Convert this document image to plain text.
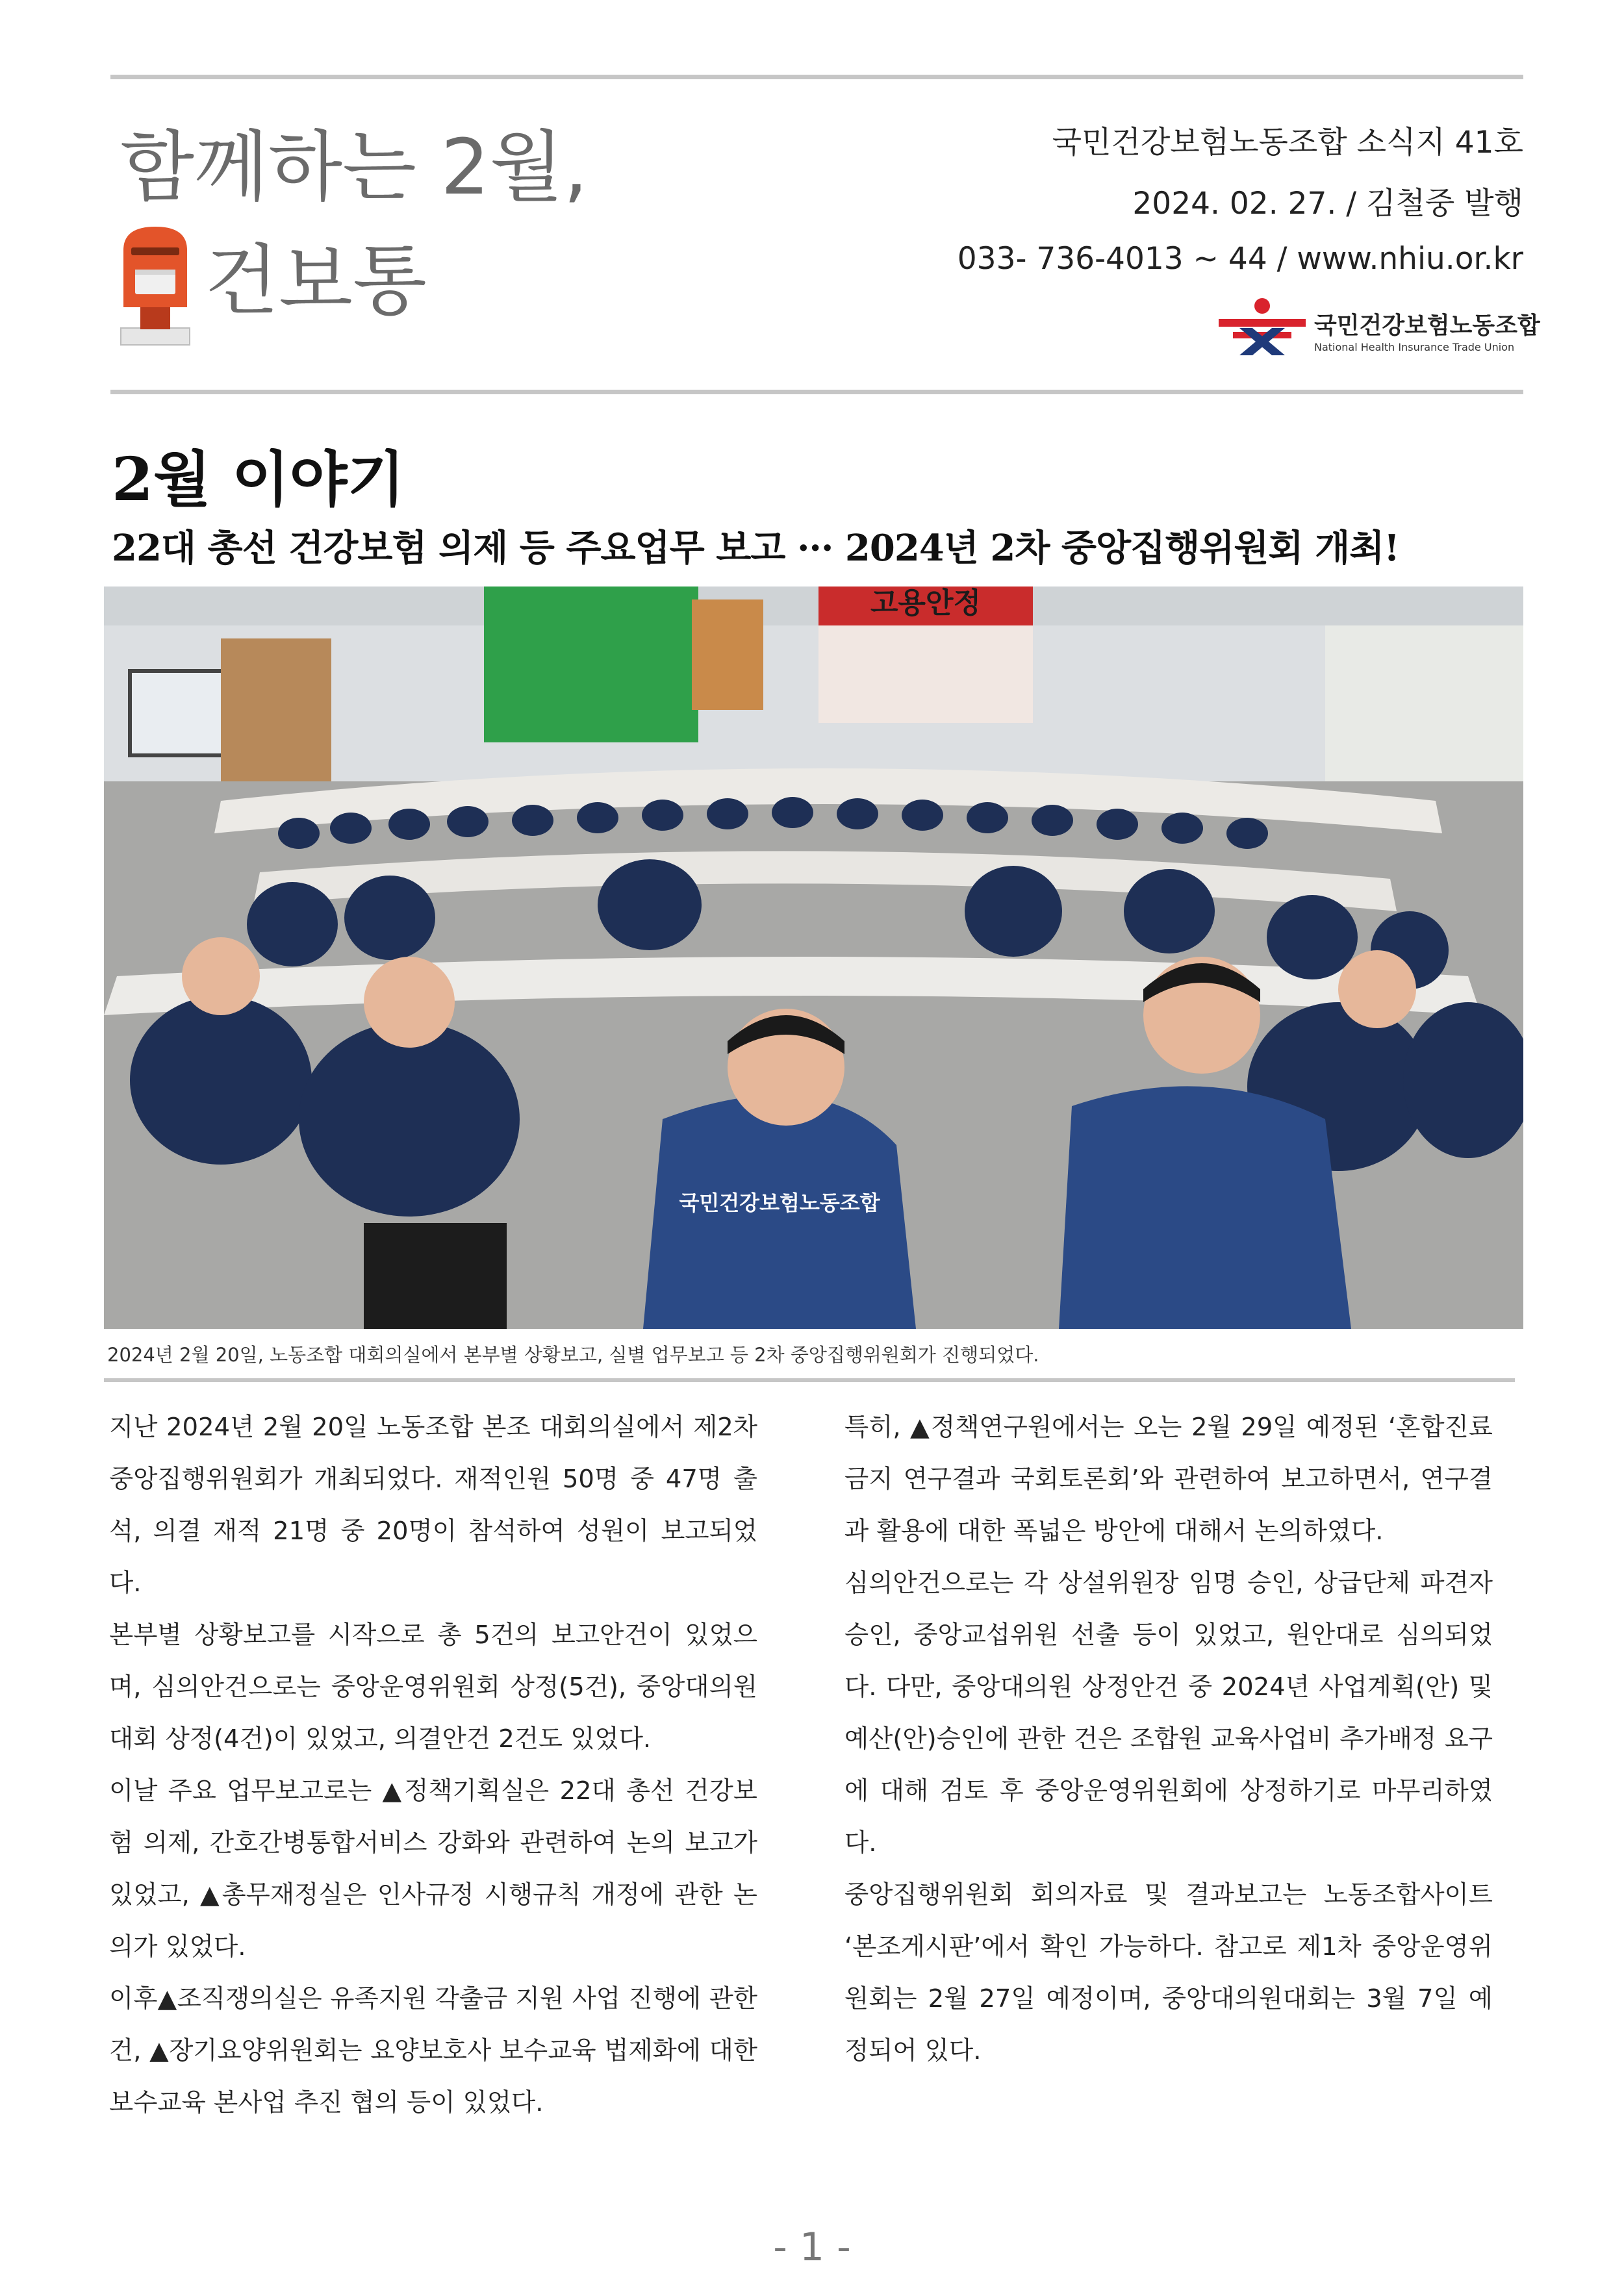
함께하는 2월,
건보통
국민건강보험노동조합 소식지 41호
2024. 02. 27. / 김철중 발행
033- 736-4013 ~ 44 / www.nhiu.or.kr
국민건강보험노동조합
National Health Insurance Trade Union
2월 이야기
22대 총선 건강보험 의제 등 주요업무 보고 ··· 2024년 2차 중앙집행위원회 개최!
고용안정
국민건강보험노동조합
2024년 2월 20일, 노동조합 대회의실에서 본부별 상황보고, 실별 업무보고 등 2차 중앙집행위원회가 진행되었다.

지난 2024년 2월 20일 노동조합 본조 대회의실에서 제2차 중앙집행위원회가 개최되었다. 재적인원 50명 중 47명 출석, 의결 재적 21명 중 20명이 참석하여 성원이 보고되었다.

본부별 상황보고를 시작으로 총 5건의 보고안건이 있었으며, 심의안건으로는 중앙운영위원회 상정(5건), 중앙대의원대회 상정(4건)이 있었고, 의결안건 2건도 있었다.

이날 주요 업무보고로는 ▲정책기획실은 22대 총선 건강보험 의제, 간호간병통합서비스 강화와 관련하여 논의 보고가 있었고, ▲총무재정실은 인사규정 시행규칙 개정에 관한 논의가 있었다.

이후▲조직쟁의실은 유족지원 각출금 지원 사업 진행에 관한 건, ▲장기요양위원회는 요양보호사 보수교육 법제화에 대한 보수교육 본사업 추진 협의 등이 있었다.

특히, ▲정책연구원에서는 오는 2월 29일 예정된 ‘혼합진료금지 연구결과 국회토론회’와 관련하여 보고하면서, 연구결과 활용에 대한 폭넓은 방안에 대해서 논의하였다.

심의안건으로는 각 상설위원장 임명 승인, 상급단체 파견자 승인, 중앙교섭위원 선출 등이 있었고, 원안대로 심의되었다. 다만, 중앙대의원 상정안건 중 2024년 사업계획(안) 및 예산(안)승인에 관한 건은 조합원 교육사업비 추가배정 요구에 대해 검토 후 중앙운영위원회에 상정하기로 마무리하였다.

중앙집행위원회 회의자료 및 결과보고는 노동조합사이트 ‘본조게시판’에서 확인 가능하다. 참고로 제1차 중앙운영위원회는 2월 27일 예정이며, 중앙대의원대회는 3월 7일 예정되어 있다.

- 1 -
